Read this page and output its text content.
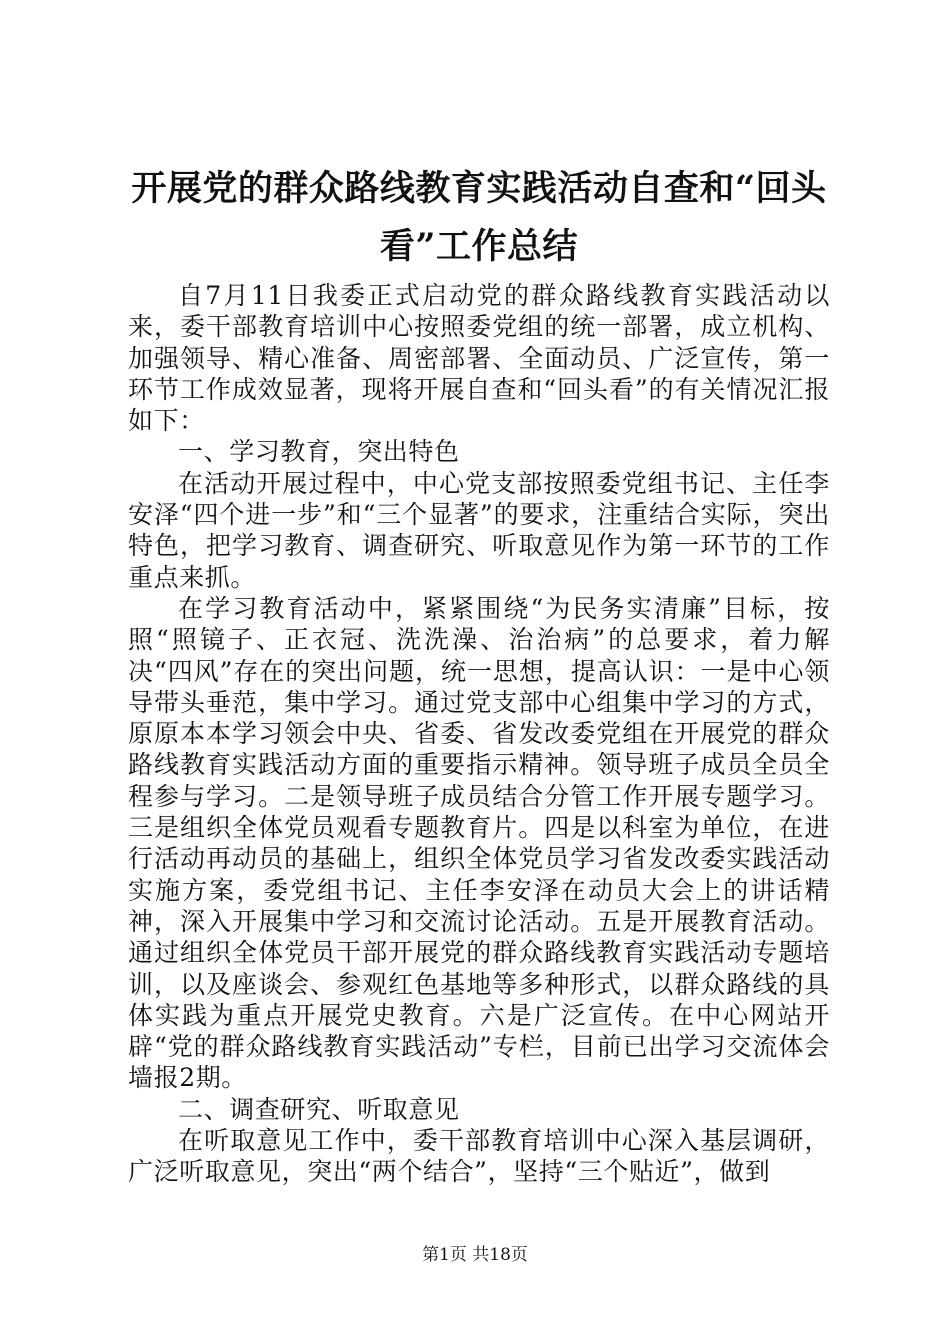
开展党的群众路线教育实践活动自查和“回头
看”工作总结

自7月11日我委正式启动党的群众路线教育实践活动以来，委干部教育培训中心按照委党组的统一部署，成立机构、加强领导、精心准备、周密部署、全面动员、广泛宣传，第一环节工作成效显著，现将开展自查和“回头看”的有关情况汇报如下：

一、学习教育，突出特色

在活动开展过程中，中心党支部按照委党组书记、主任李安泽“四个进一步”和“三个显著”的要求，注重结合实际，突出特色，把学习教育、调查研究、听取意见作为第一环节的工作重点来抓。

在学习教育活动中，紧紧围绕“为民务实清廉”目标，按照“照镜子、正衣冠、洗洗澡、治治病”的总要求，着力解决“四风”存在的突出问题，统一思想，提高认识：一是中心领导带头垂范，集中学习。通过党支部中心组集中学习的方式，原原本本学习领会中央、省委、省发改委党组在开展党的群众路线教育实践活动方面的重要指示精神。领导班子成员全员全程参与学习。二是领导班子成员结合分管工作开展专题学习。三是组织全体党员观看专题教育片。四是以科室为单位，在进行活动再动员的基础上，组织全体党员学习省发改委实践活动实施方案，委党组书记、主任李安泽在动员大会上的讲话精神，深入开展集中学习和交流讨论活动。五是开展教育活动。通过组织全体党员干部开展党的群众路线教育实践活动专题培训，以及座谈会、参观红色基地等多种形式，以群众路线的具体实践为重点开展党史教育。六是广泛宣传。在中心网站开辟“党的群众路线教育实践活动”专栏，目前已出学习交流体会墙报2期。

二、调查研究、听取意见

在听取意见工作中，委干部教育培训中心深入基层调研，广泛听取意见，突出“两个结合”，坚持“三个贴近”，做到

第1页 共18页
